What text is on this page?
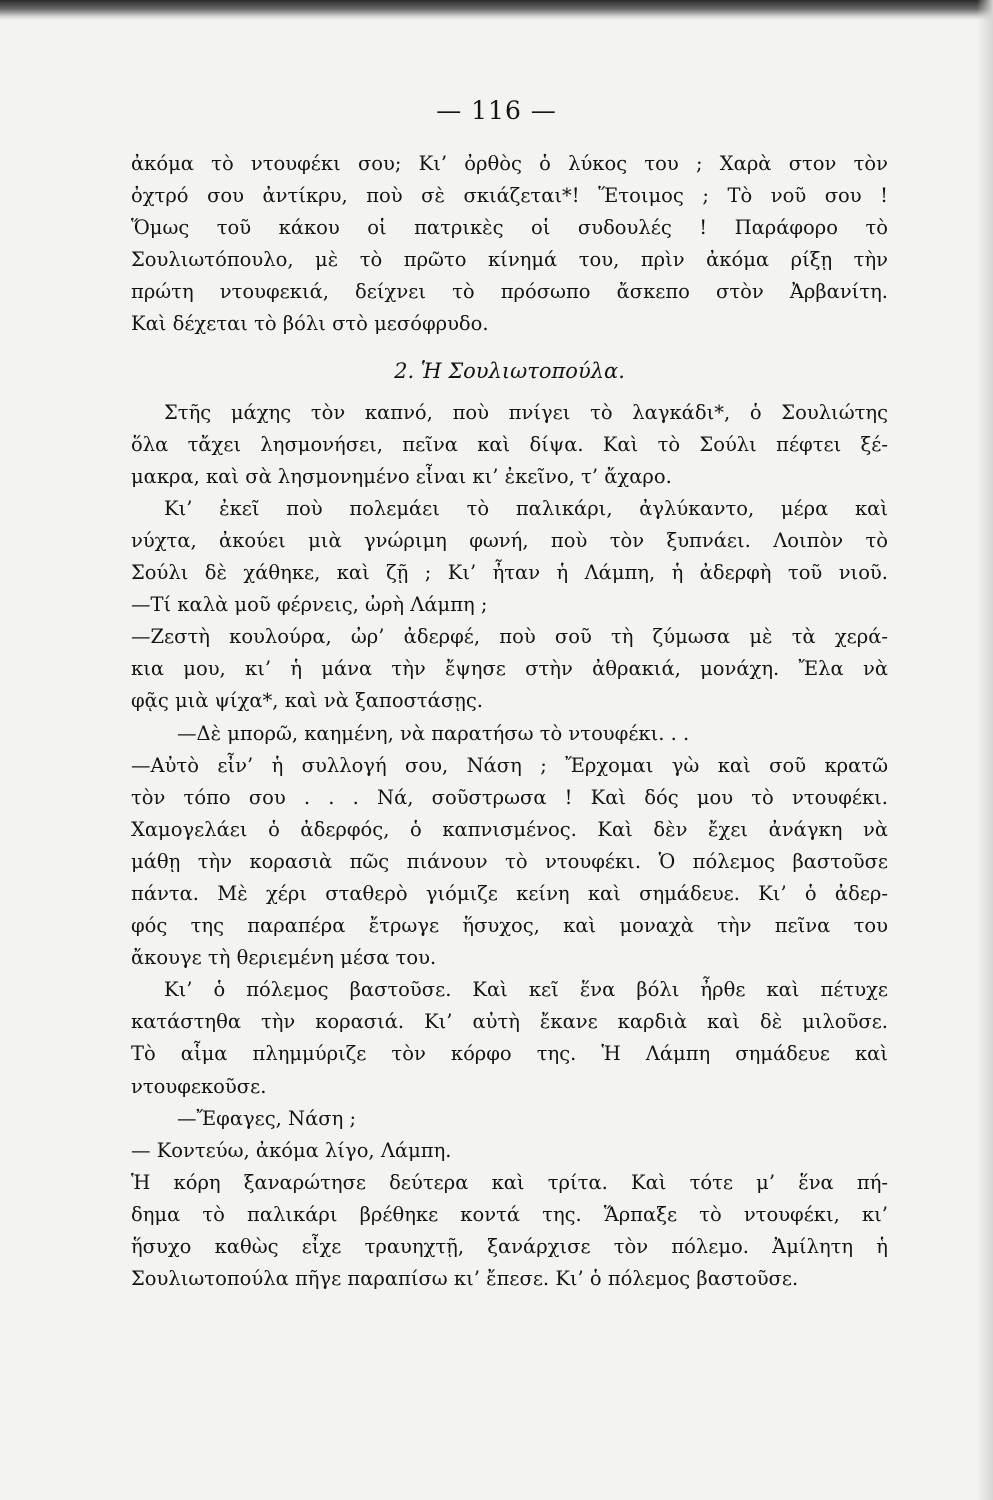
— 116 —
ἀκόμα τὸ ντουφέκι σου; Κι’ ὀρθὸς ὁ λύκος του ; Χαρὰ στον τὸν
ὀχτρό σου ἀντίκρυ, ποὺ σὲ σκιάζεται*! Ἕτοιμος ; Τὸ νοῦ σου !
Ὅμως τοῦ κάκου οἱ πατρικὲς οἱ συδουλές ! Παράφορο τὸ
Σουλιωτόπουλο, μὲ τὸ πρῶτο κίνημά του, πρὶν ἀκόμα ρίξῃ τὴν
πρώτη ντουφεκιά, δείχνει τὸ πρόσωπο ἄσκεπο στὸν Ἀρβανίτη.
Καὶ δέχεται τὸ βόλι στὸ μεσόφρυδο.
2. Ἡ Σουλιωτοπούλα.
Στῆς μάχης τὸν καπνό, ποὺ πνίγει τὸ λαγκάδι*, ὁ Σουλιώτης
ὅλα τἄχει λησμονήσει, πεῖνα καὶ δίψα. Καὶ τὸ Σούλι πέφτει ξέ-
μακρα, καὶ σὰ λησμονημένο εἶναι κι’ ἐκεῖνο, τ’ ἄχαρο.
Κι’ ἐκεῖ ποὺ πολεμάει τὸ παλικάρι, ἀγλύκαντο, μέρα καὶ
νύχτα, ἀκούει μιὰ γνώριμη φωνή, ποὺ τὸν ξυπνάει. Λοιπὸν τὸ
Σούλι δὲ χάθηκε, καὶ ζῇ ; Κι’ ἦταν ἡ Λάμπη, ἡ ἀδερφὴ τοῦ νιοῦ.
—Τί καλὰ μοῦ φέρνεις, ὠρὴ Λάμπη ;
—Ζεστὴ κουλούρα, ὠρ’ ἀδερφέ, ποὺ σοῦ τὴ ζύμωσα μὲ τὰ χερά-
κια μου, κι’ ἡ μάνα τὴν ἔψησε στὴν ἀθρακιά, μονάχη. Ἔλα νὰ
φᾷς μιὰ ψίχα*, καὶ νὰ ξαποστάσῃς.
—Δὲ μπορῶ, καημένη, νὰ παρατήσω τὸ ντουφέκι. . .
—Αὐτὸ εἶν’ ἡ συλλογή σου, Νάση ; Ἔρχομαι γὼ καὶ σοῦ κρατῶ
τὸν τόπο σου . . . Νά, σοῦστρωσα ! Καὶ δός μου τὸ ντουφέκι.
Χαμογελάει ὁ ἀδερφός, ὁ καπνισμένος. Καὶ δὲν ἔχει ἀνάγκη νὰ
μάθῃ τὴν κορασιὰ πῶς πιάνουν τὸ ντουφέκι. Ὁ πόλεμος βαστοῦσε
πάντα. Μὲ χέρι σταθερὸ γιόμιζε κείνη καὶ σημάδευε. Κι’ ὁ ἀδερ-
φός της παραπέρα ἔτρωγε ἥσυχος, καὶ μοναχὰ τὴν πεῖνα του
ἄκουγε τὴ θεριεμένη μέσα του.
Κι’ ὁ πόλεμος βαστοῦσε. Καὶ κεῖ ἕνα βόλι ἦρθε καὶ πέτυχε
κατάστηθα τὴν κορασιά. Κι’ αὐτὴ ἔκανε καρδιὰ καὶ δὲ μιλοῦσε.
Τὸ αἷμα πλημμύριζε τὸν κόρφο της. Ἡ Λάμπη σημάδευε καὶ
ντουφεκοῦσε.
—Ἔφαγες, Νάση ;
— Κοντεύω, ἀκόμα λίγο, Λάμπη.
Ἡ κόρη ξαναρώτησε δεύτερα καὶ τρίτα. Καὶ τότε μ’ ἕνα πή-
δημα τὸ παλικάρι βρέθηκε κοντά της. Ἅρπαξε τὸ ντουφέκι, κι’
ἥσυχο καθὼς εἶχε τραυηχτῇ, ξανάρχισε τὸν πόλεμο. Ἀμίλητη ἡ
Σουλιωτοπούλα πῆγε παραπίσω κι’ ἔπεσε. Κι’ ὁ πόλεμος βαστοῦσε.
